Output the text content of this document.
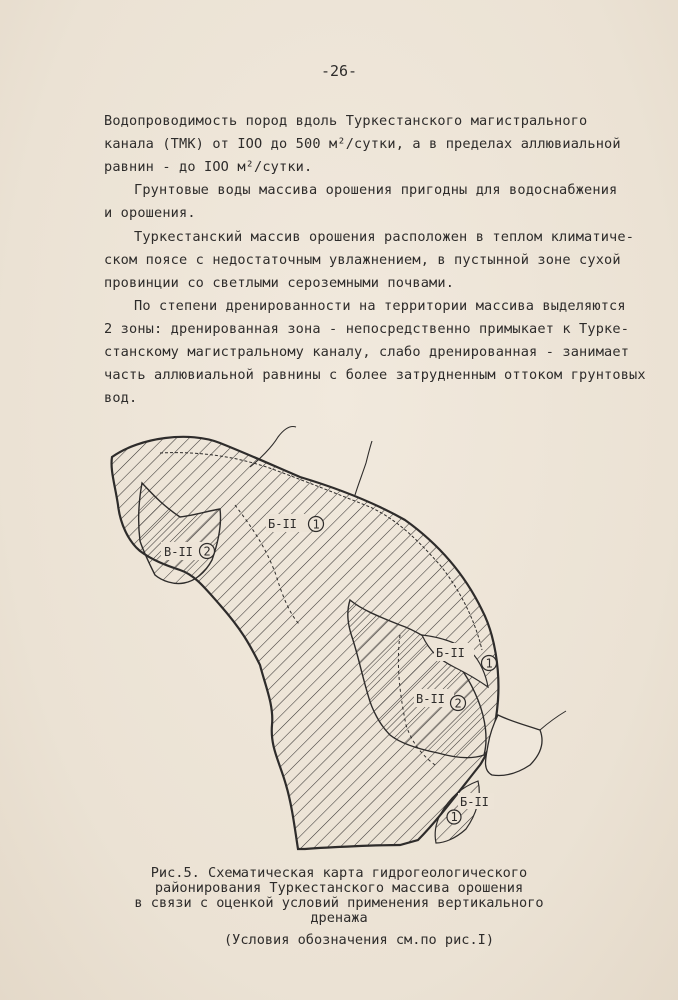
-26-
Водопроводимость пород вдоль Туркестанского магистрального
канала (ТМК) от IOO до 500 м²/сутки, а в пределах аллювиальной
равнин - до IOO м²/сутки.
Грунтовые воды массива орошения пригодны для водоснабжения
и орошения.
Туркестанский массив орошения расположен в теплом климатиче-
ском поясе с недостаточным увлажнением, в пустынной зоне сухой
провинции со светлыми сероземными почвами.
По степени дренированности на территории массива выделяются
2 зоны: дренированная зона - непосредственно примыкает к Турке-
станскому магистральному каналу, слабо дренированная - занимает
часть аллювиальной равнины с более затрудненным оттоком грунтовых
вод.
Б-II 1
В-II 2
Б-II
1
В-II 2
Б-II
1
Рис.5. Схематическая карта гидрогеологического
районирования Туркестанского массива орошения
в связи с оценкой условий применения вертикального
дренажа
(Условия обозначения см.по рис.I)
